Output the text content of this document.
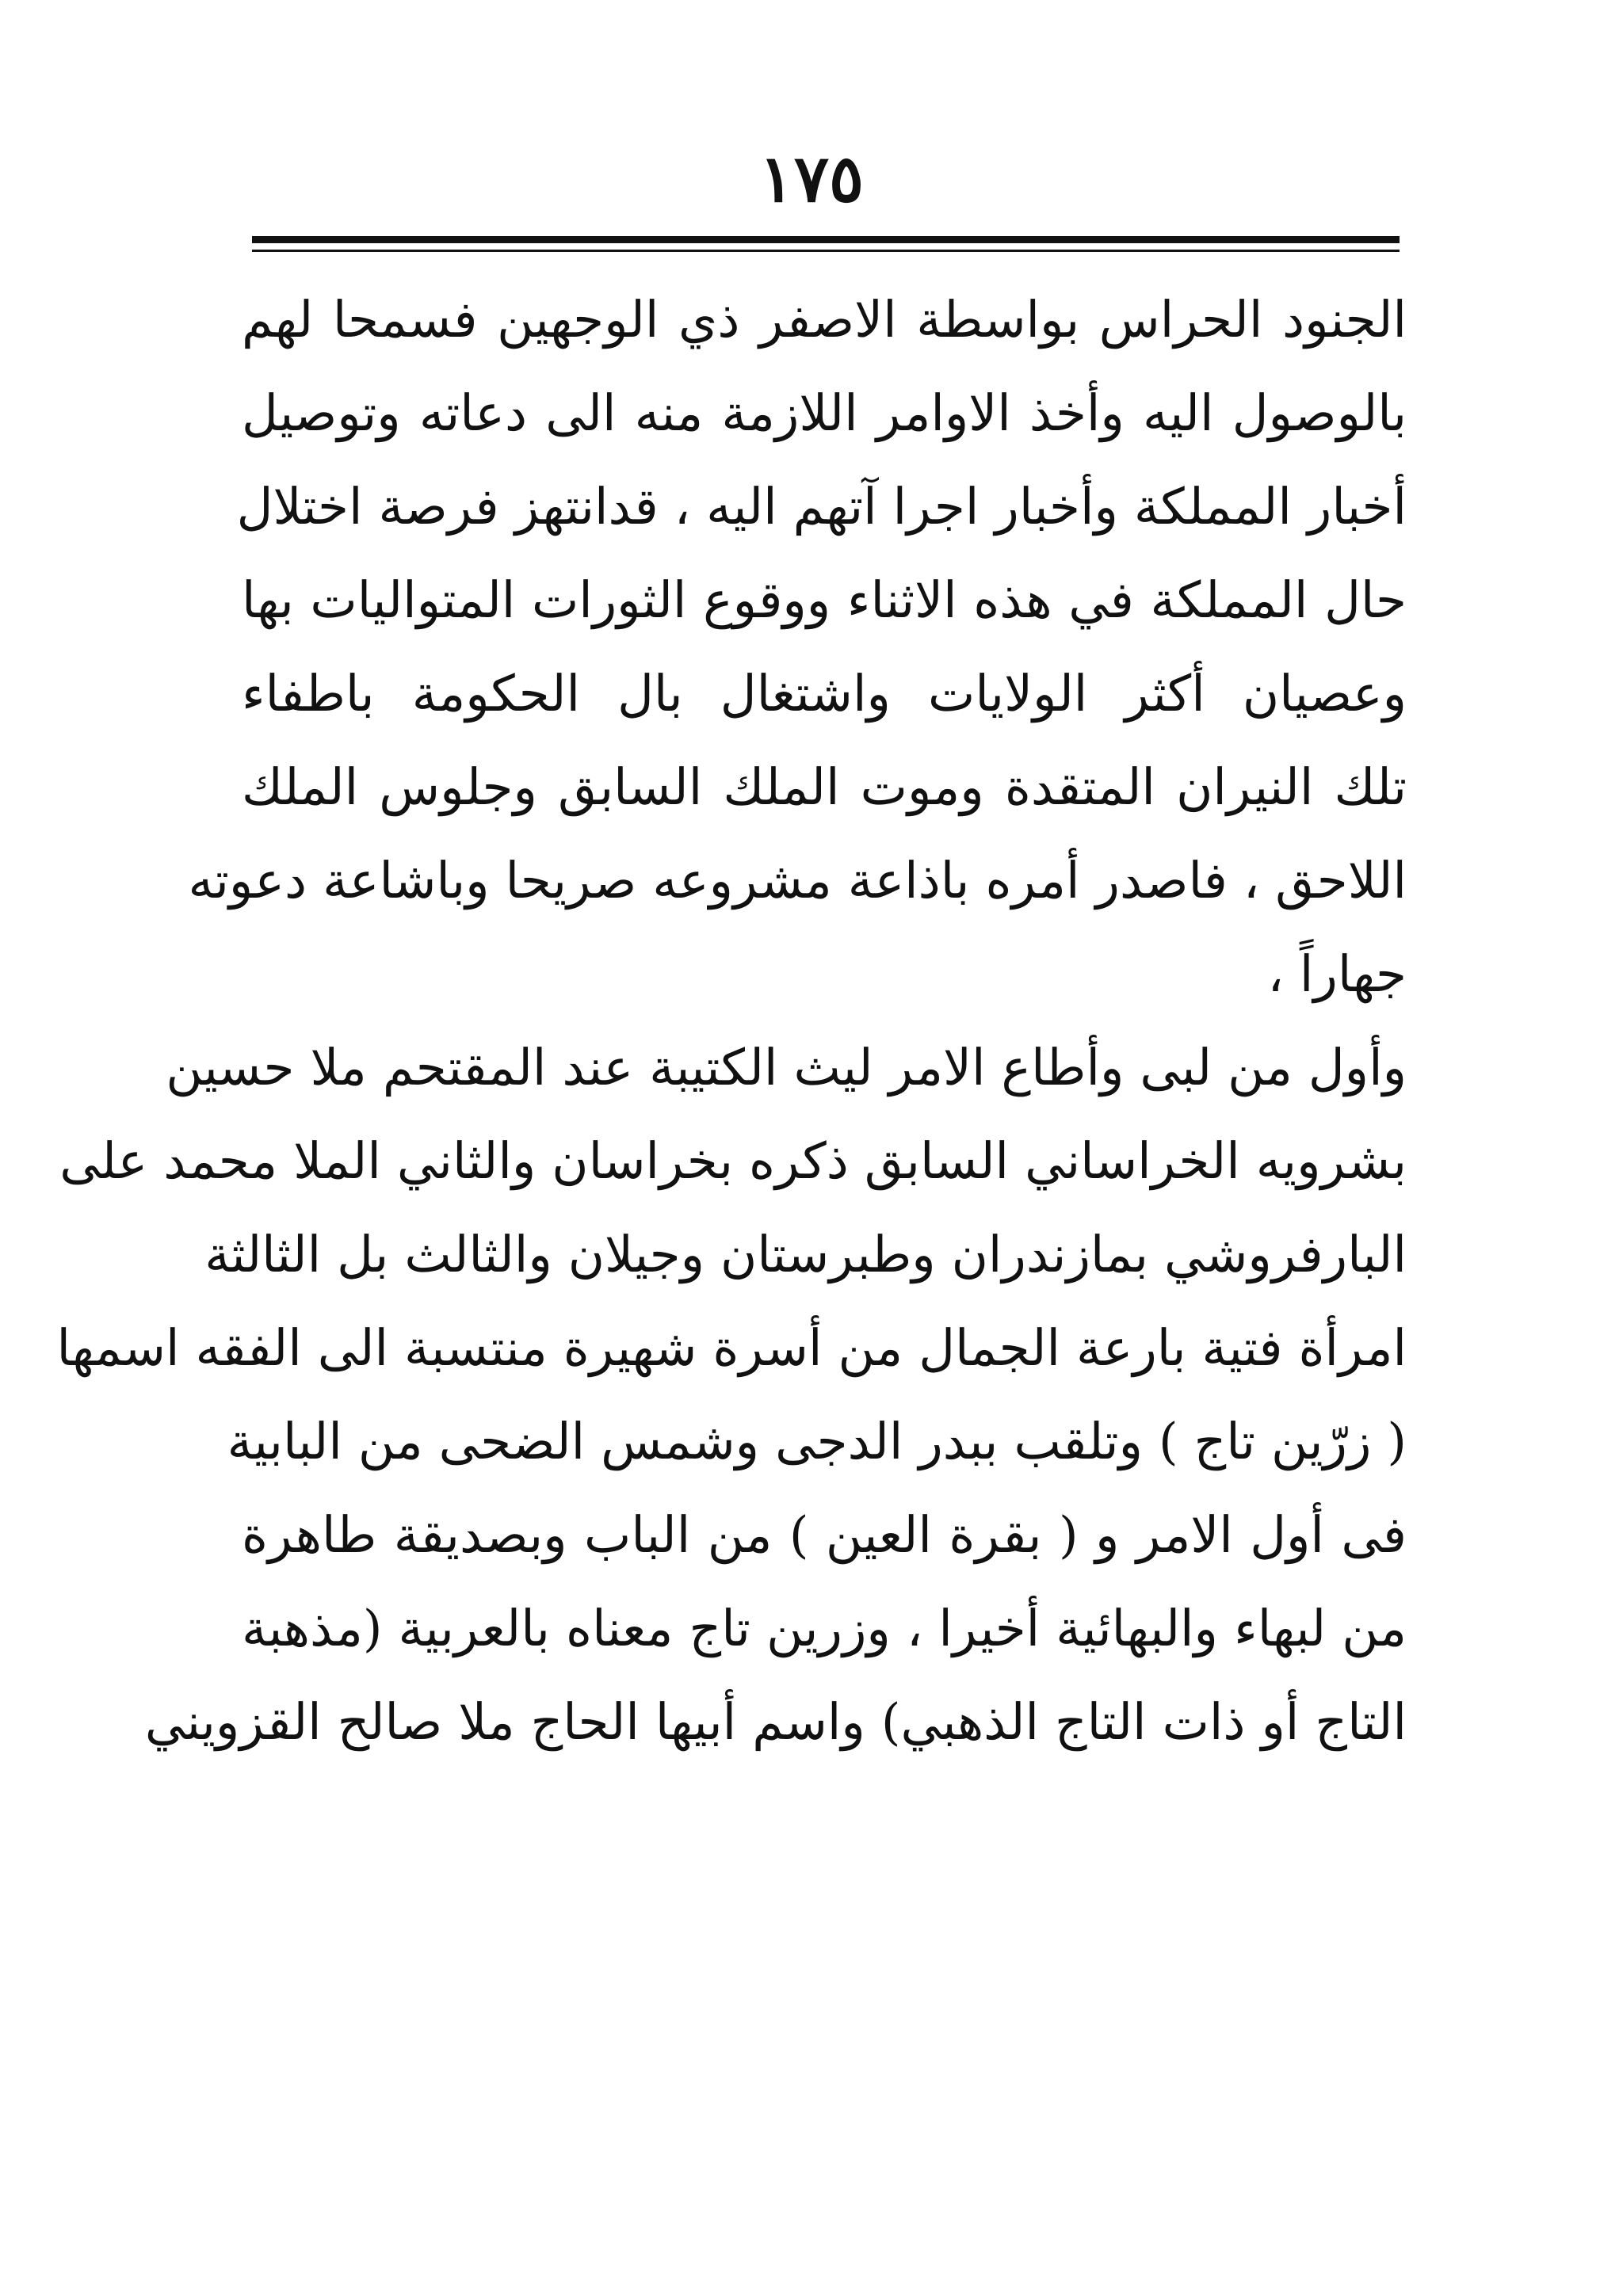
١٧٥
الجنود الحراس بواسطة الاصفر ذي الوجهين فسمحا لهم
بالوصول اليه وأخذ الاوامر اللازمة منه الى دعاته وتوصيل
أخبار المملكة وأخبار اجرا آتهم اليه ، قدانتهز فرصة اختلال
حال المملكة في هذه الاثناء ووقوع الثورات المتواليات بها
وعصيان أكثر الولايات واشتغال بال الحكومة باطفاء
تلك النيران المتقدة وموت الملك السابق وجلوس الملك
اللاحق ، فاصدر أمره باذاعة مشروعه صريحا وباشاعة دعوته
جهاراً ،
وأول من لبى وأطاع الامر ليث الكتيبة عند المقتحم ملا حسين
بشرويه الخراساني السابق ذكره بخراسان والثاني الملا محمد على
البارفروشي بمازندران وطبرستان وجيلان والثالث بل الثالثة
امرأة فتية بارعة الجمال من أسرة شهيرة منتسبة الى الفقه اسمها
( زرّين تاج ) وتلقب ببدر الدجى وشمس الضحى من البابية
فى أول الامر و ( بقرة العين ) من الباب وبصديقة طاهرة
من لبهاء والبهائية أخيرا ، وزرين تاج معناه بالعربية (مذهبة
التاج أو ذات التاج الذهبي) واسم أبيها الحاج ملا صالح القزويني
